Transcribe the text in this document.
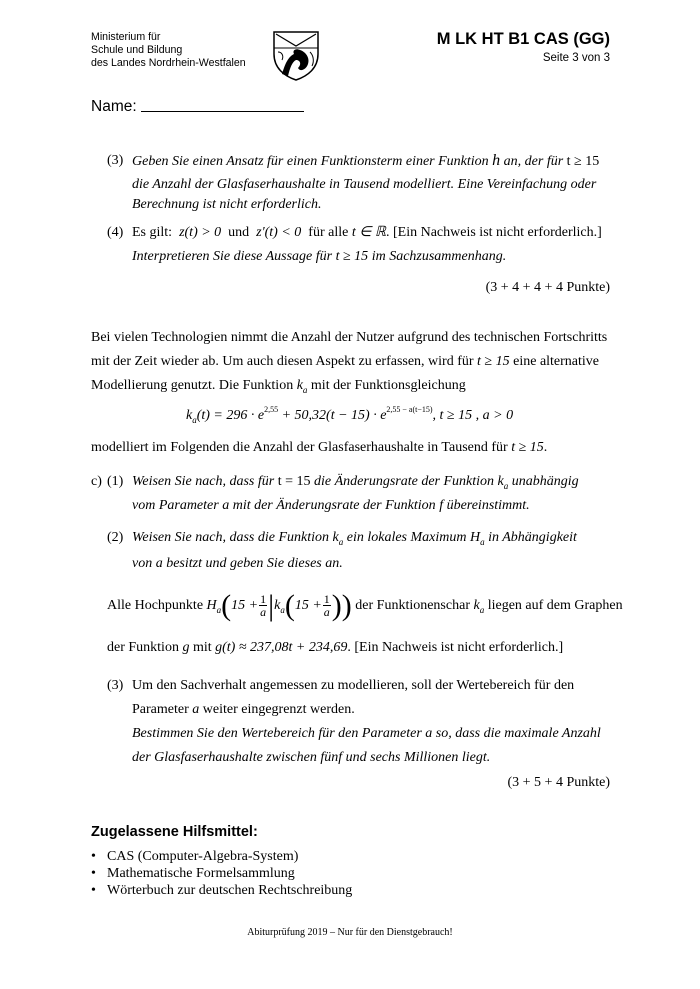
Ministerium für
Schule und Bildung
des Landes Nordrhein-Westfalen
M LK HT B1 CAS (GG)
Seite 3 von 3
Name:
(3) Geben Sie einen Ansatz für einen Funktionsterm einer Funktion h an, der für t ≥ 15
die Anzahl der Glasfaserhaushalte in Tausend modelliert. Eine Vereinfachung oder
Berechnung ist nicht erforderlich.
(4) Es gilt: z(t) > 0 und z'(t) < 0 für alle t ∈ ℝ. [Ein Nachweis ist nicht erforderlich.]
Interpretieren Sie diese Aussage für t ≥ 15 im Sachzusammenhang.
(3 + 4 + 4 + 4 Punkte)
Bei vielen Technologien nimmt die Anzahl der Nutzer aufgrund des technischen Fortschritts
mit der Zeit wieder ab. Um auch diesen Aspekt zu erfassen, wird für t ≥ 15 eine alternative
Modellierung genutzt. Die Funktion $k_a$ mit der Funktionsgleichung
$k_a(t) = 296 \cdot e^{2,55} + 50,32(t - 15) \cdot e^{2,55 - a(t-15)}$, t ≥ 15 , a > 0
modelliert im Folgenden die Anzahl der Glasfaserhaushalte in Tausend für t ≥ 15.
c) (1) Weisen Sie nach, dass für t = 15 die Änderungsrate der Funktion $k_a$ unabhängig
vom Parameter a mit der Änderungsrate der Funktion f übereinstimmt.
(2) Weisen Sie nach, dass die Funktion $k_a$ ein lokales Maximum $H_a$ in Abhängigkeit
von a besitzt und geben Sie dieses an.
Alle Hochpunkte $H_a(15 + \frac{1}{a} |k_a(15 + \frac{1}{a}$ )) der Funktionenschar $k_a$ liegen auf dem Graphen
der Funktion g mit g(t) ≈ 237,08t + 234,69. [Ein Nachweis ist nicht erforderlich.]
(3) Um den Sachverhalt angemessen zu modellieren, soll der Wertebereich für den
Parameter a weiter eingegrenzt werden.
Bestimmen Sie den Wertebereich für den Parameter a so, dass die maximale Anzahl
der Glasfaserhaushalte zwischen fünf und sechs Millionen liegt.
(3 + 5 + 4 Punkte)
Zugelassene Hilfsmittel:
• CAS (Computer-Algebra-System)
• Mathematische Formelsammlung
• Wörterbuch zur deutschen Rechtschreibung
Abiturprüfung 2019 – Nur für den Dienstgebrauch!
